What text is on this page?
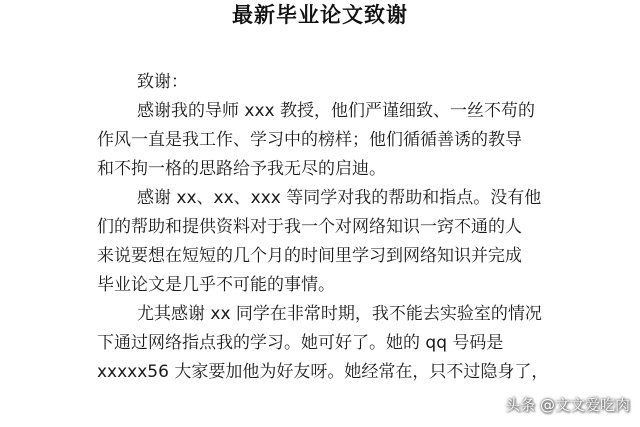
最新毕业论文致谢

致谢：

感谢我的导师 xxx 教授，他们严谨细致、一丝不苟的
作风一直是我工作、学习中的榜样；他们循循善诱的教导
和不拘一格的思路给予我无尽的启迪。

感谢 xx、xx、xxx 等同学对我的帮助和指点。没有他
们的帮助和提供资料对于我一个对网络知识一窍不通的人
来说要想在短短的几个月的时间里学习到网络知识并完成
毕业论文是几乎不可能的事情。

尤其感谢 xx 同学在非常时期，我不能去实验室的情况
下通过网络指点我的学习。她可好了。她的 qq 号码是
xxxxx56 大家要加他为好友呀。她经常在，只不过隐身了，

头条 @文文爱吃肉
